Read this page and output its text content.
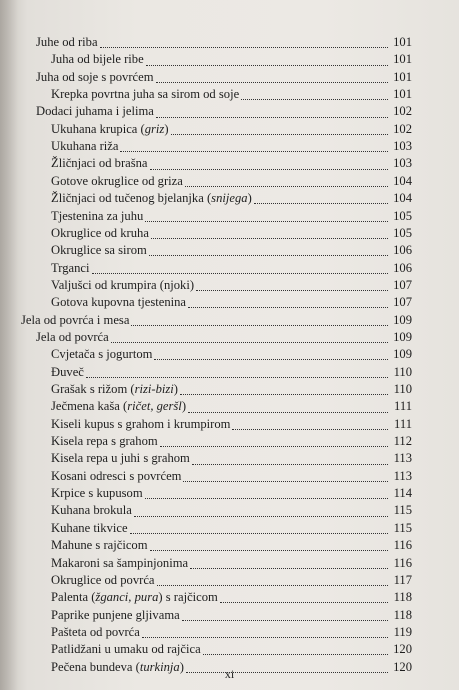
Juhe od riba	101
Juha od bijele ribe	101
Juha od soje s povrćem	101
Krepka povrtna juha sa sirom od soje	101
Dodaci juhama i jelima	102
Ukuhana krupica (griz)	102
Ukuhana riža	103
Žličnjaci od brašna	103
Gotove okruglice od griza	104
Žličnjaci od tučenog bjelanjka (snijega)	104
Tjestenina za juhu	105
Okruglice od kruha	105
Okruglice sa sirom	106
Trganci	106
Valjušci od krumpira (njoki)	107
Gotova kupovna tjestenina	107
Jela od povrća i mesa	109
Jela od povrća	109
Cvjetača s jogurtom	109
Đuveč	110
Grašak s rižom (rizi-bizi)	110
Ječmena kaša (ričet, geršl)	111
Kiseli kupus s grahom i krumpirom	111
Kisela repa s grahom	112
Kisela repa u juhi s grahom	113
Kosani odresci s povrćem	113
Krpice s kupusom	114
Kuhana brokula	115
Kuhane tikvice	115
Mahune s rajčicom	116
Makaroni sa šampinjonima	116
Okruglice od povrća	117
Palenta (žganci, pura) s rajčicom	118
Paprike punjene gljivama	118
Pašteta od povrća	119
Patlidžani u umaku od rajčica	120
Pečena bundeva (turkinja)	120
xi
